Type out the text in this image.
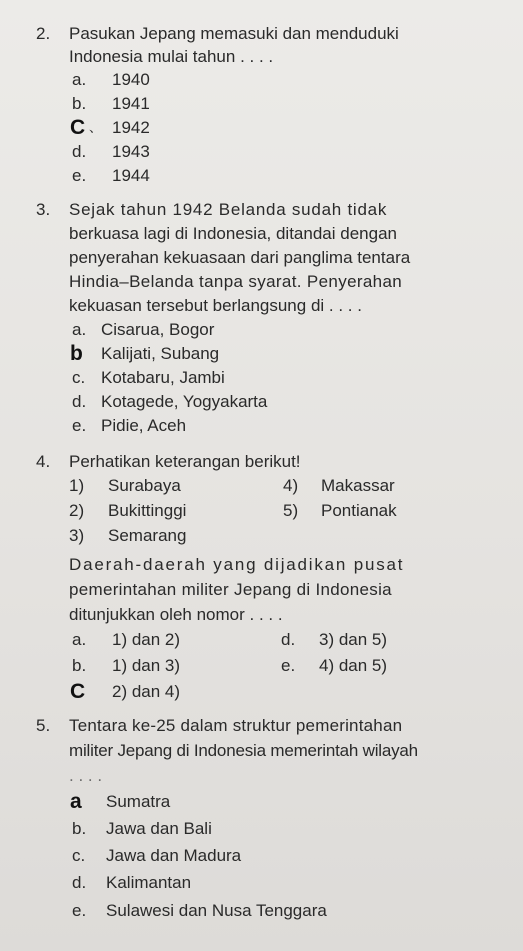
2. Pasukan Jepang memasuki dan menduduki
Indonesia mulai tahun . . . .
a. 1940
b. 1941
C 、 1942
d. 1943
e. 1944
3. Sejak tahun 1942 Belanda sudah tidak
berkuasa lagi di Indonesia, ditandai dengan
penyerahan kekuasaan dari panglima tentara
Hindia–Belanda tanpa syarat. Penyerahan
kekuasan tersebut berlangsung di . . . .
a. Cisarua, Bogor
b Kalijati, Subang
c. Kotabaru, Jambi
d. Kotagede, Yogyakarta
e. Pidie, Aceh
4. Perhatikan keterangan berikut!
1) Surabaya	4) Makassar
2) Bukittinggi	5) Pontianak
3) Semarang
Daerah-daerah yang dijadikan pusat
pemerintahan militer Jepang di Indonesia
ditunjukkan oleh nomor . . . .
a. 1) dan 2)	d. 3) dan 5)
b. 1) dan 3)	e. 4) dan 5)
C 2) dan 4)
5. Tentara ke-25 dalam struktur pemerintahan
militer Jepang di Indonesia memerintah wilayah
. . . .
a Sumatra
b. Jawa dan Bali
c. Jawa dan Madura
d. Kalimantan
e. Sulawesi dan Nusa Tenggara
